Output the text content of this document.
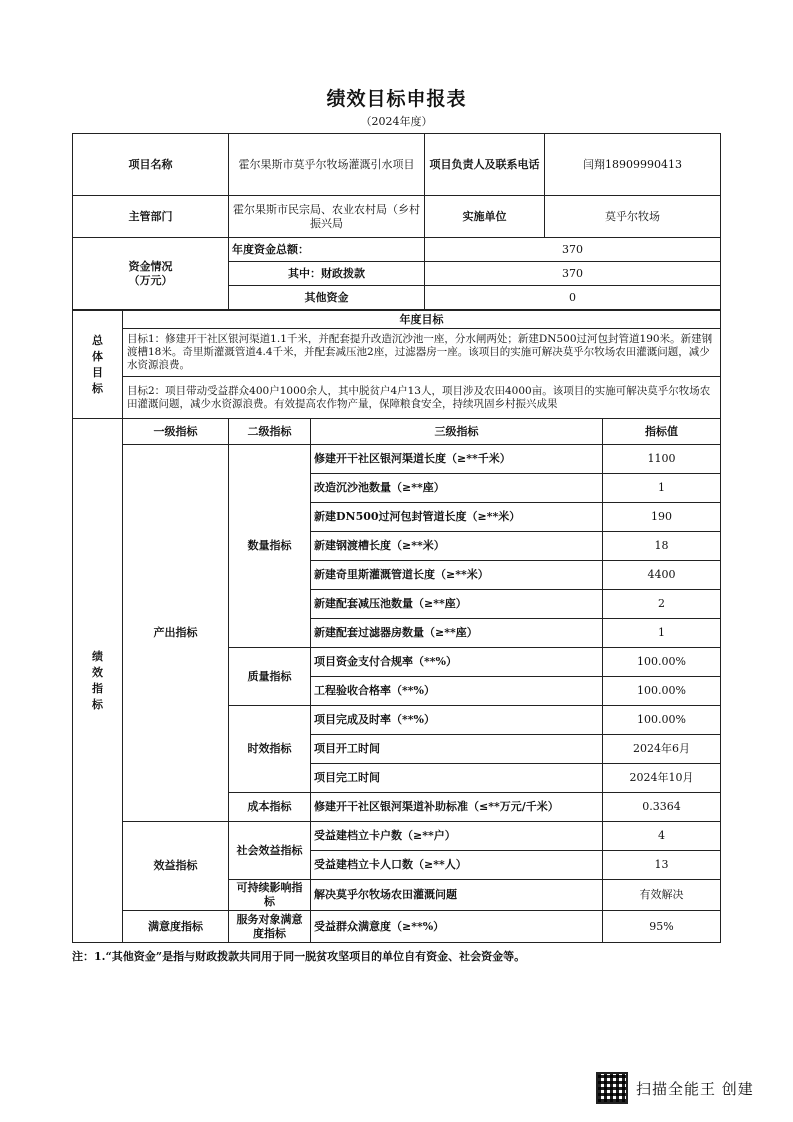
绩效目标申报表
（2024年度）
项目名称	霍尔果斯市莫乎尔牧场灌溉引水项目	项目负责人及联系电话	闫翔18909990413
主管部门	霍尔果斯市民宗局、农业农村局（乡村振兴局	实施单位	莫乎尔牧场
资金情况
（万元）	年度资金总额：	370	
	其中：财政拨款	370	
	其他资金	0	
总
体
目
标	年度目标
目标1：修建开干社区银河渠道1.1千米，并配套提升改造沉沙池一座，分水闸两处；新建DN500过河包封管道190米。新建钢渡槽18米。奇里斯灌溉管道4.4千米，并配套减压池2座，过滤器房一座。该项目的实施可解决莫乎尔牧场农田灌溉问题，减少水资源浪费。
目标2：项目带动受益群众400户1000余人，其中脱贫户4户13人，项目涉及农田4000亩。该项目的实施可解决莫乎尔牧场农田灌溉问题，减少水资源浪费。有效提高农作物产量，保障粮食安全，持续巩固乡村振兴成果
绩
效
指
标	一级指标	二级指标	三级指标	指标值
	产出指标	数量指标	修建开干社区银河渠道长度（≥**千米）	1100
			改造沉沙池数量（≥**座）	1
			新建DN500过河包封管道长度（≥**米）	190
			新建钢渡槽长度（≥**米）	18
			新建奇里斯灌溉管道长度（≥**米）	4400
			新建配套减压池数量（≥**座）	2
			新建配套过滤器房数量（≥**座）	1
		质量指标	项目资金支付合规率（**%）	100.00%
			工程验收合格率（**%）	100.00%
		时效指标	项目完成及时率（**%）	100.00%
			项目开工时间	2024年6月
			项目完工时间	2024年10月
		成本指标	修建开干社区银河渠道补助标准（≤**万元/千米）	0.3364
	效益指标	社会效益指标	受益建档立卡户数（≥**户）	4
			受益建档立卡人口数（≥**人）	13
		可持续影响指标	解决莫乎尔牧场农田灌溉问题	有效解决
	满意度指标	服务对象满意度指标	受益群众满意度（≥**%）	95%
注：1.“其他资金”是指与财政拨款共同用于同一脱贫攻坚项目的单位自有资金、社会资金等。
扫描全能王 创建
